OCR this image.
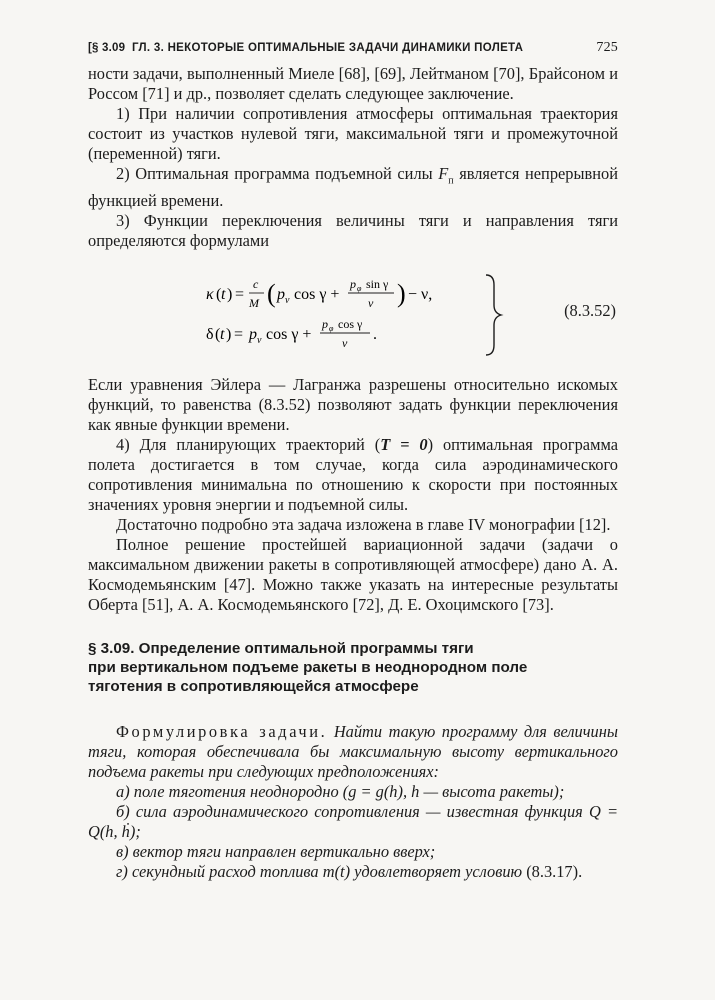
[§ 3.09 ГЛ. 3. НЕКОТОРЫЕ ОПТИМАЛЬНЫЕ ЗАДАЧИ ДИНАМИКИ ПОЛЕТА	725

ности задачи, выполненный Миеле [68], [69], Лейтманом [70], Брайсоном и Россом [71] и др., позволяет сделать следующее заключение.

1) При наличии сопротивления атмосферы оптимальная траектория состоит из участков нулевой тяги, максимальной тяги и промежуточной (переменной) тяги.

2) Оптимальная программа подъемной силы $F_п$ является непрерывной функцией времени.

3) Функции переключения величины тяги и направления тяги определяются формулами

κ ( t ) =
c
M ( p v cos γ +
p φ sin γ
v ) − ν,
δ ( t ) = p v cos γ +
p φ cos γ
v .
(8.3.52)

Если уравнения Эйлера — Лагранжа разрешены относительно искомых функций, то равенства (8.3.52) позволяют задать функции переключения как явные функции времени.

4) Для планирующих траекторий (T = 0) оптимальная программа полета достигается в том случае, когда сила аэродинамического сопротивления минимальна по отношению к скорости при постоянных значениях уровня энергии и подъемной силы.

Достаточно подробно эта задача изложена в главе IV монографии [12].

Полное решение простейшей вариационной задачи (задачи о максимальном движении ракеты в сопротивляющей атмосфере) дано А. А. Космодемьянским [47]. Можно также указать на интересные результаты Оберта [51], А. А. Космодемьянского [72], Д. Е. Охоцимского [73].

§ 3.09. Определение оптимальной программы тяги
при вертикальном подъеме ракеты в неоднородном поле
тяготения в сопротивляющейся атмосфере

Формулировка задачи. Найти такую программу для величины тяги, которая обеспечивала бы максимальную высоту вертикального подъема ракеты при следующих предположениях:

а) поле тяготения неоднородно (g = g(h), h — высота ракеты);

б) сила аэродинамического сопротивления — известная функция Q = Q(h, ḣ);

в) вектор тяги направлен вертикально вверх;

г) секундный расход топлива m(t) удовлетворяет условию (8.3.17).
